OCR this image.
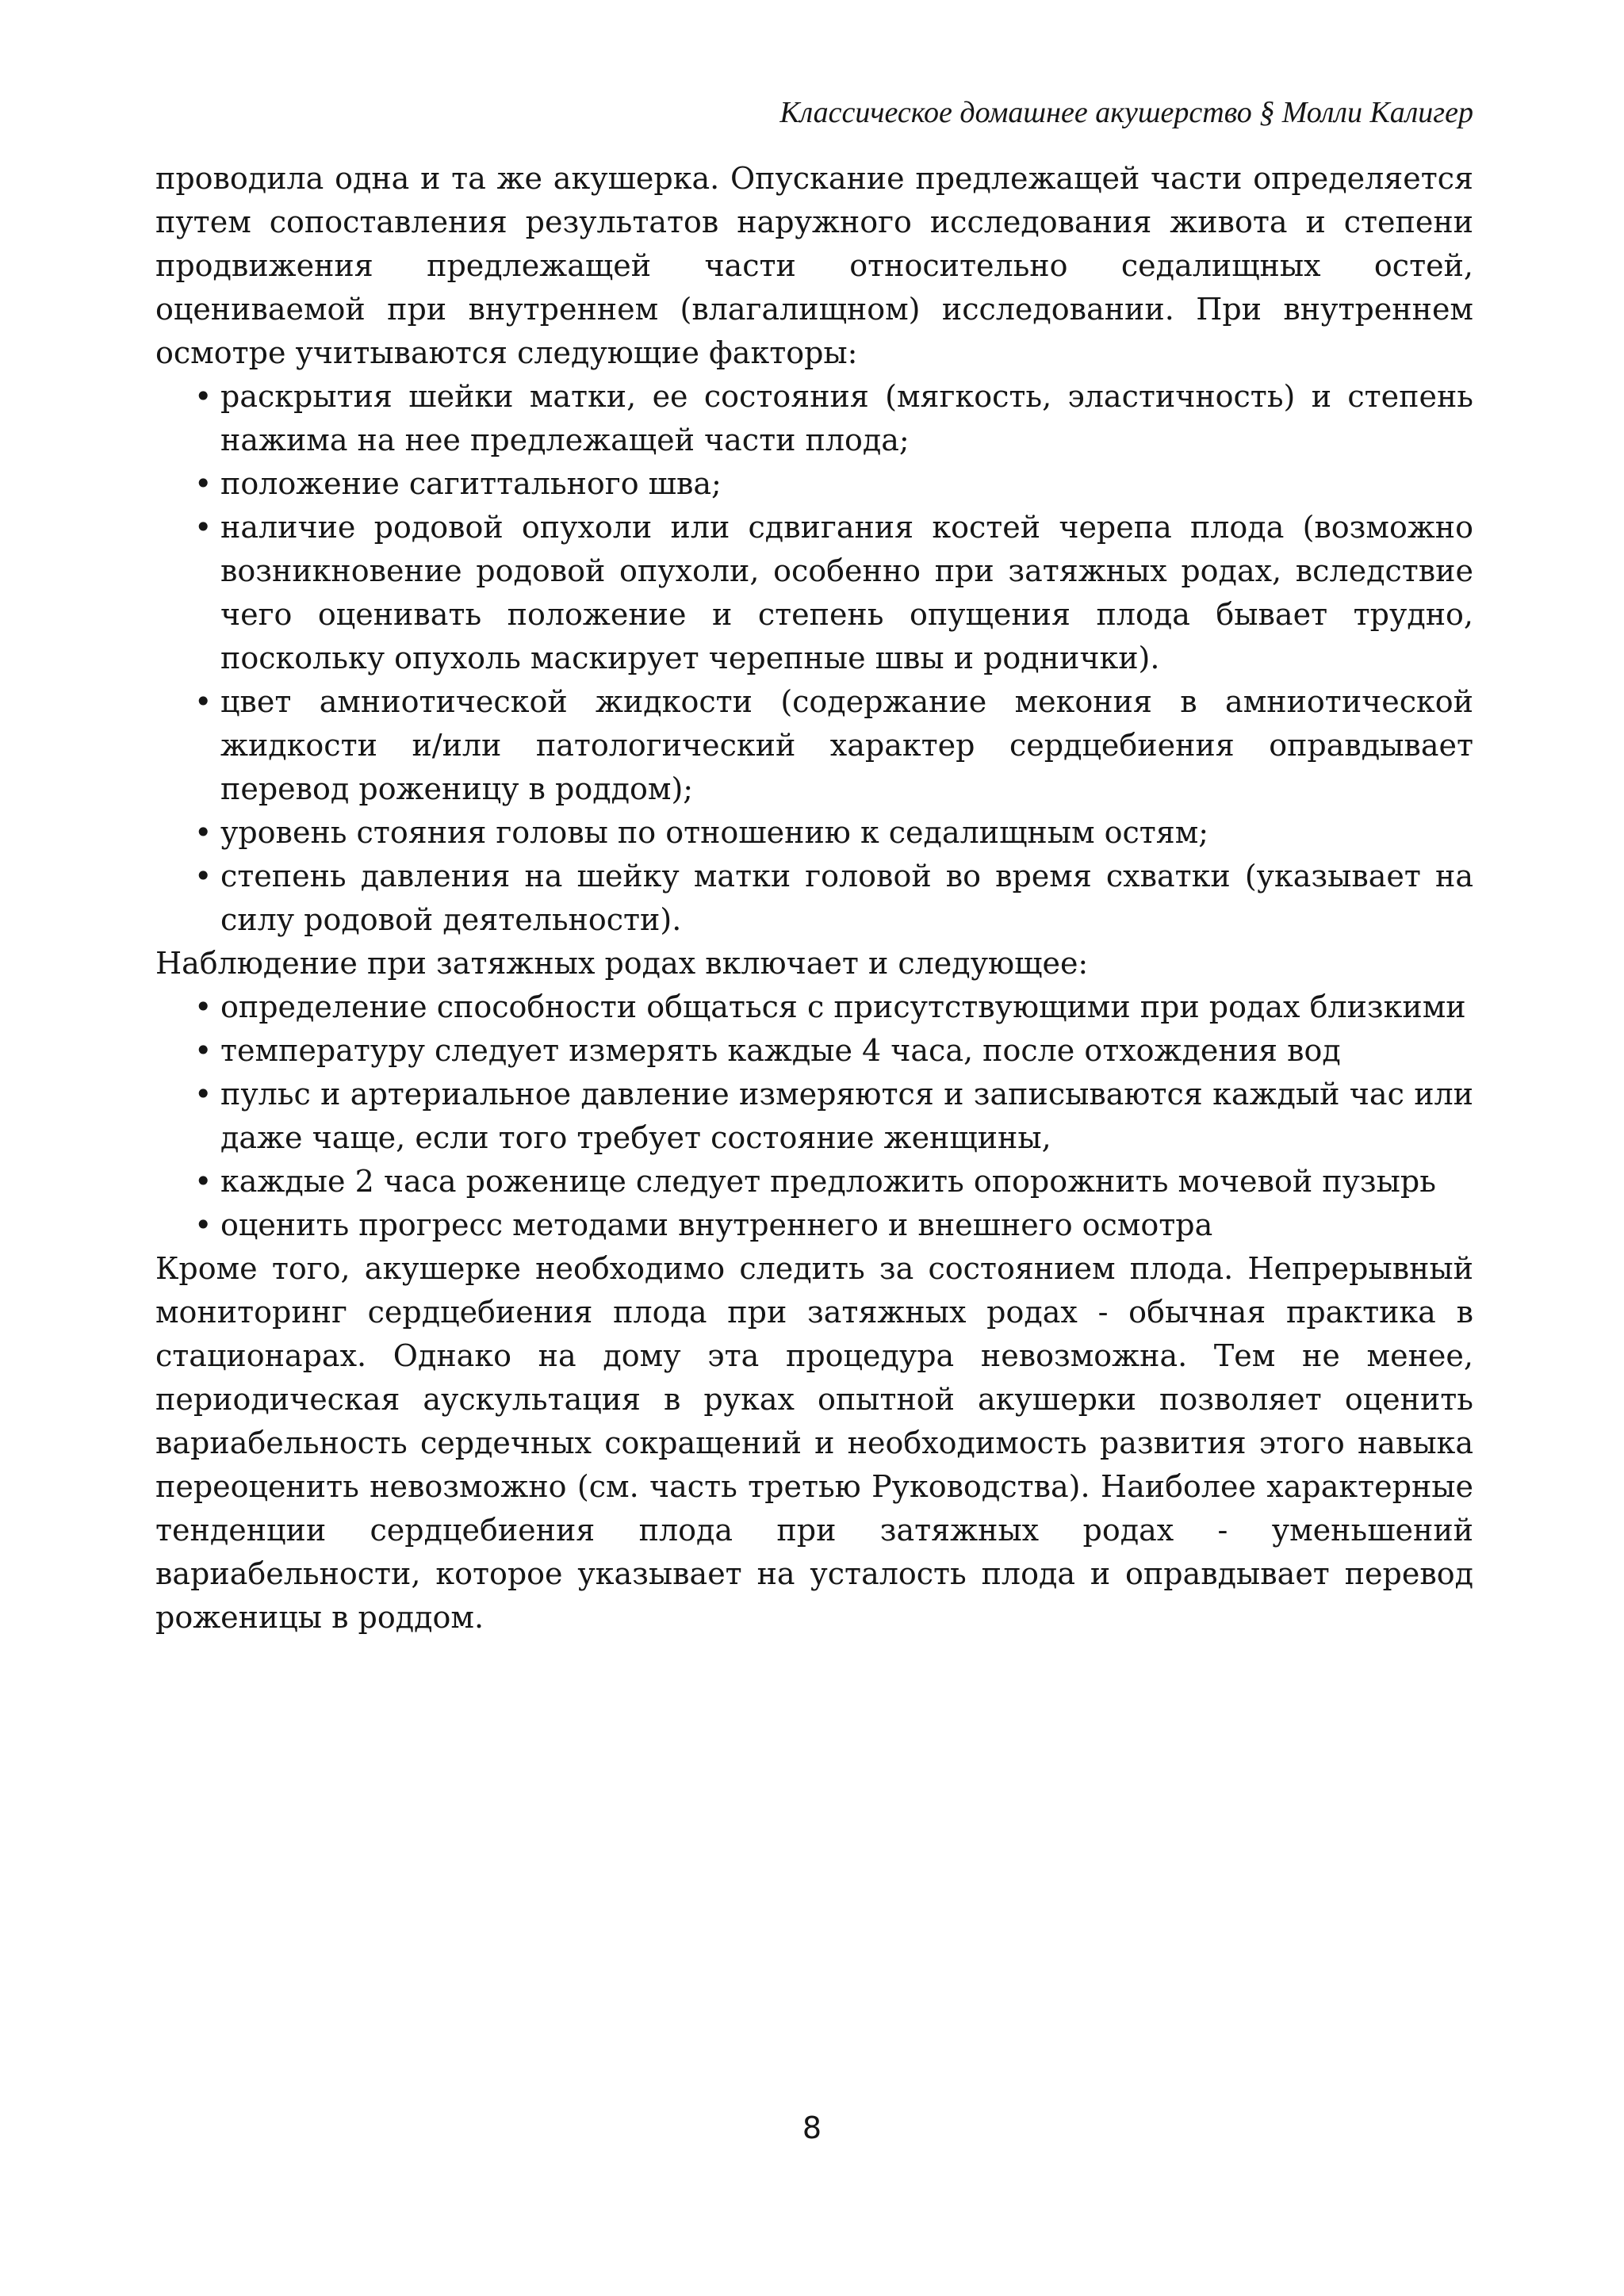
Классическое домашнее акушерство § Молли Калигер

проводила одна и та же акушерка. Опускание предлежащей части определяется путем сопоставления результатов наружного исследования живота и степени продвижения предлежащей части относительно седалищных остей, оцениваемой при внутреннем (влагалищном) исследовании. При внутреннем осмотре учитываются следующие факторы:

• раскрытия шейки матки, ее состояния (мягкость, эластичность) и степень нажима на нее предлежащей части плода;
• положение сагиттального шва;
• наличие родовой опухоли или сдвигания костей черепа плода (возможно возникновение родовой опухоли, особенно при затяжных родах, вследствие чего оценивать положение и степень опущения плода бывает трудно, поскольку опухоль маскирует черепные швы и роднички).
• цвет амниотической жидкости (содержание мекония в амниотической жидкости и/или патологический характер сердцебиения оправдывает перевод роженицу в роддом);
• уровень стояния головы по отношению к седалищным остям;
• степень давления на шейку матки головой во время схватки (указывает на силу родовой деятельности).

Наблюдение при затяжных родах включает и следующее:

• определение способности общаться с присутствующими при родах близкими
• температуру следует измерять каждые 4 часа, после отхождения вод
• пульс и артериальное давление измеряются и записываются каждый час или даже чаще, если того требует состояние женщины,
• каждые 2 часа роженице следует предложить опорожнить мочевой пузырь
• оценить прогресс методами внутреннего и внешнего осмотра

Кроме того, акушерке необходимо следить за состоянием плода. Непрерывный мониторинг сердцебиения плода при затяжных родах - обычная практика в стационарах. Однако на дому эта процедура невозможна. Тем не менее, периодическая аускультация в руках опытной акушерки позволяет оценить вариабельность сердечных сокращений и необходимость развития этого навыка переоценить невозможно (см. часть третью Руководства). Наиболее характерные тенденции сердцебиения плода при затяжных родах - уменьшений вариабельности, которое указывает на усталость плода и оправдывает перевод роженицы в роддом.

8
